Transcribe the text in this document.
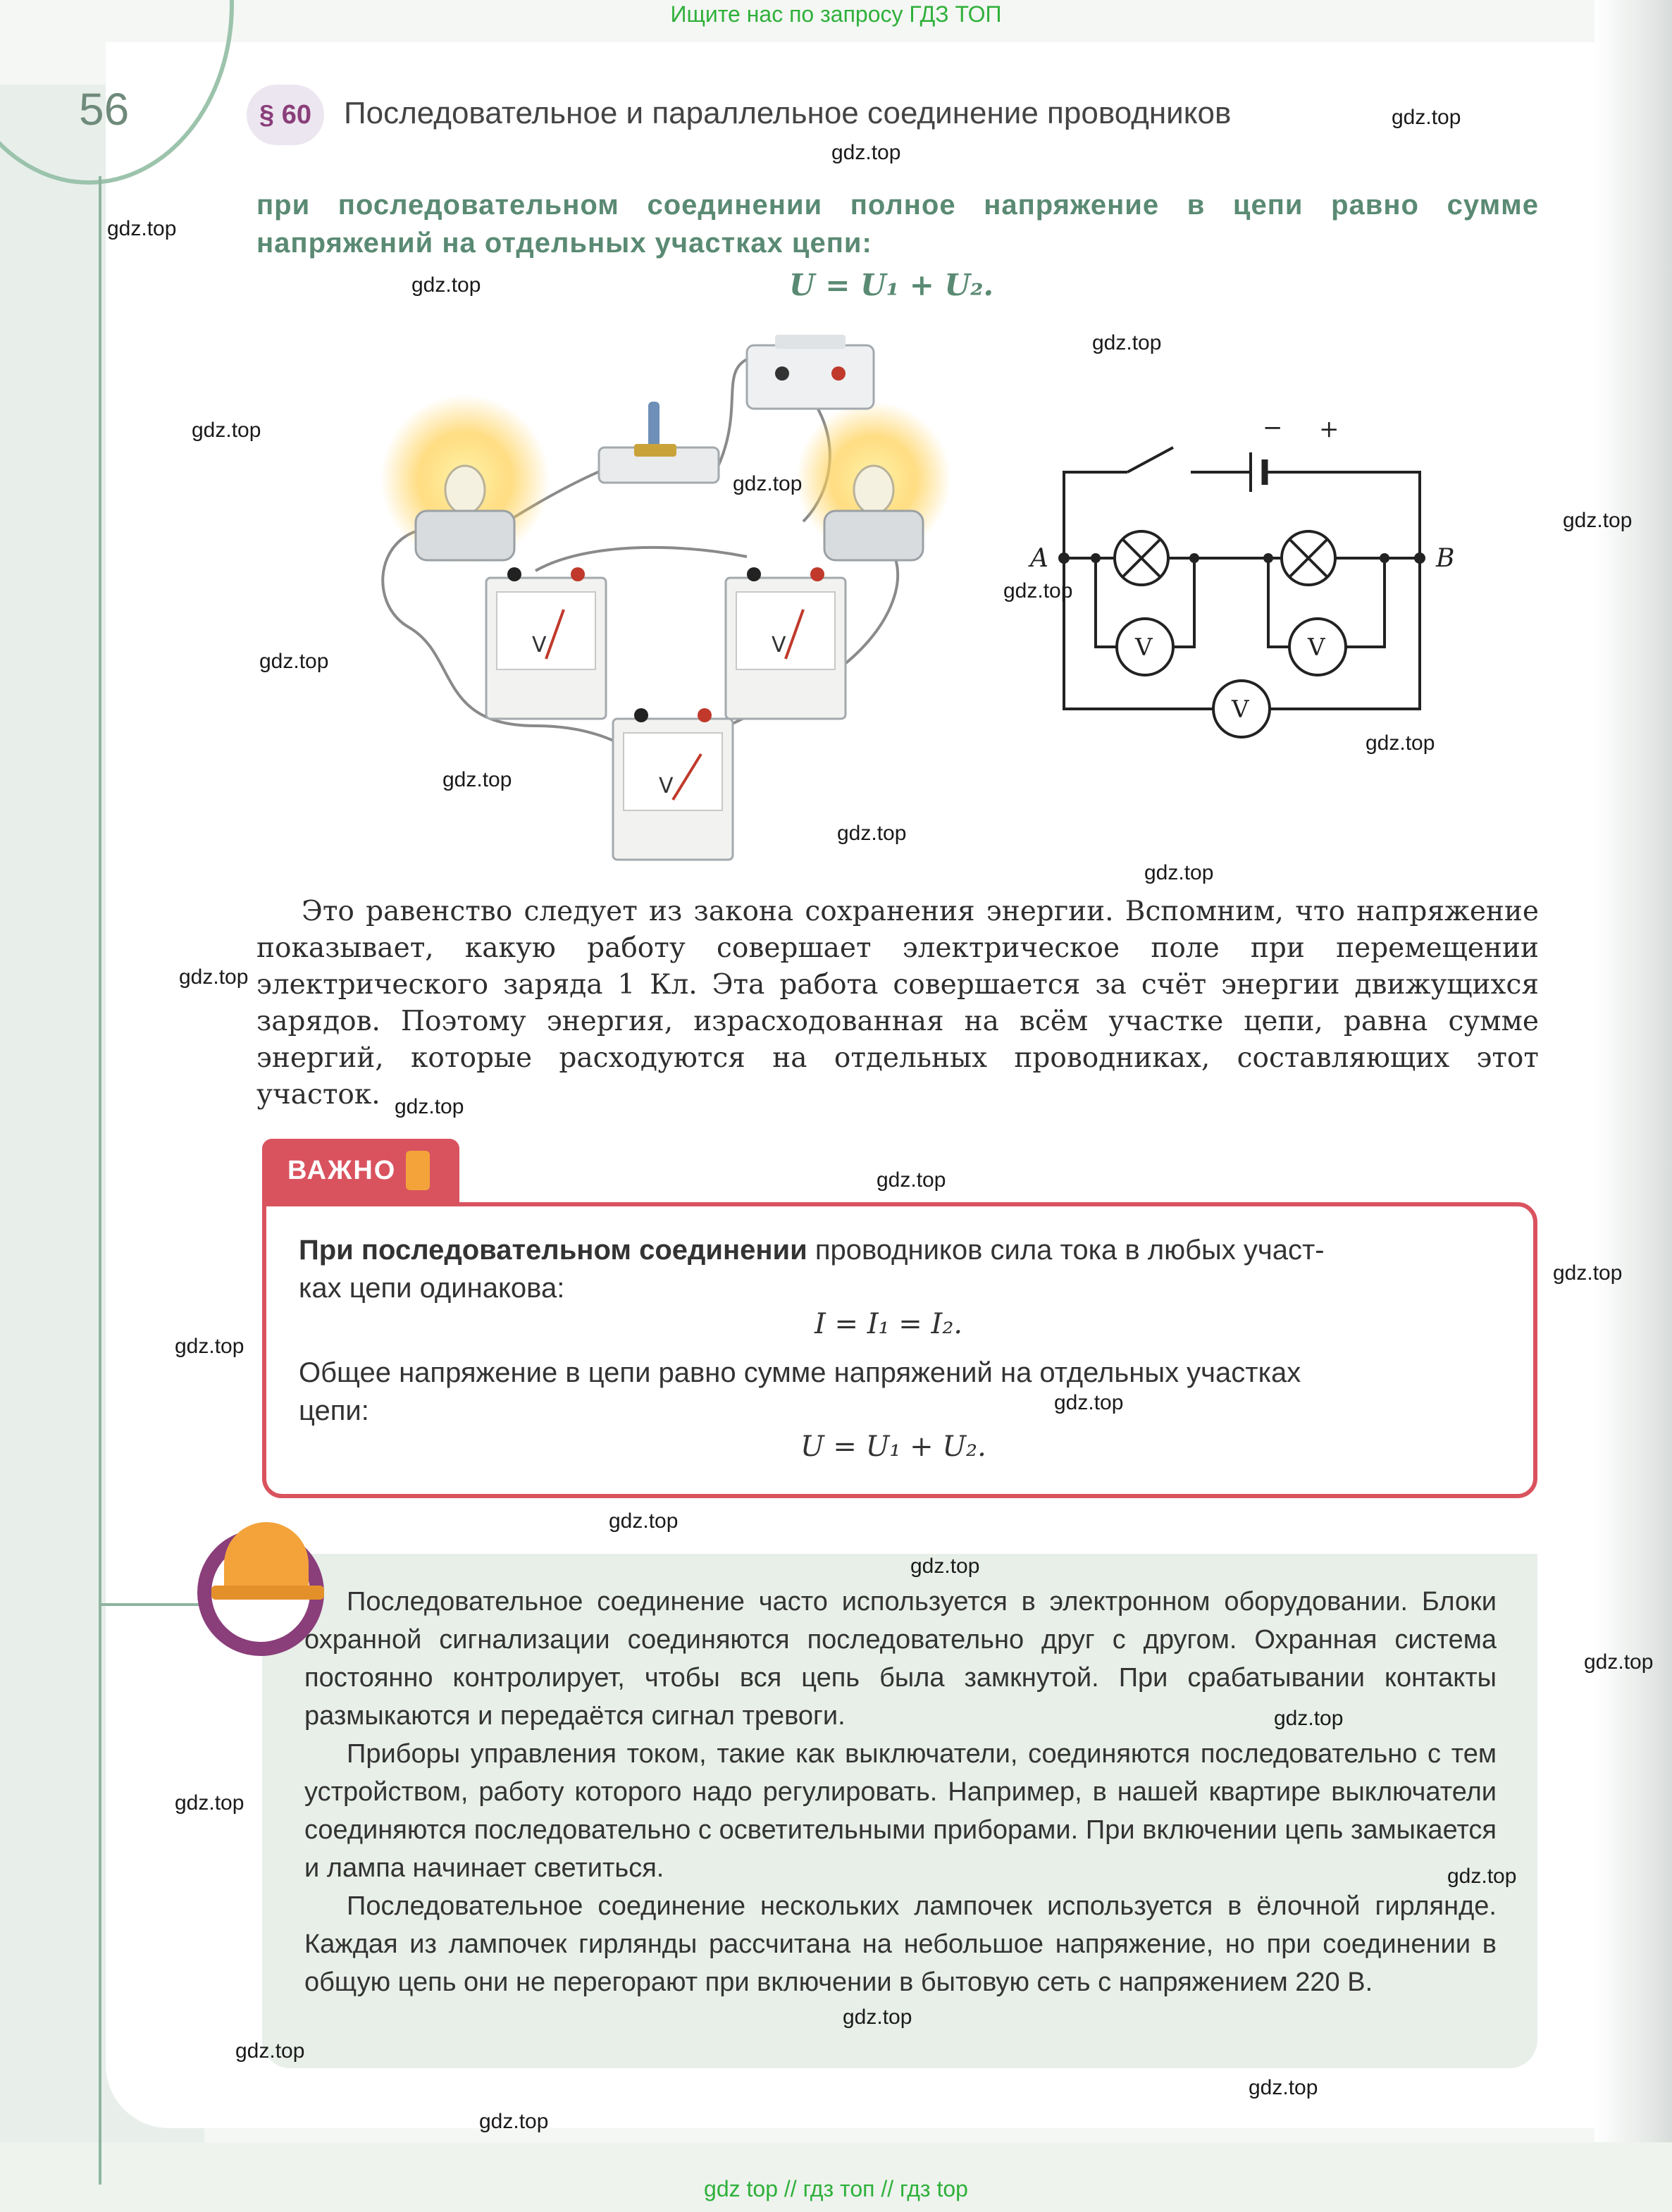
Ищите нас по запросу ГДЗ ТОП
56	§ 60	Последовательное и параллельное соединение проводников
при последовательном соединении полное напряжение в цепи равно сумме напряжений на отдельных участках цепи:
U = U₁ + U₂.
V	V
V
− +
A	B
V	V
V

Это равенство следует из закона сохранения энергии. Вспомним, что напряжение показывает, какую работу совершает электрическое поле при перемещении электрического заряда 1 Кл. Эта работа совершается за счёт энергии движущихся зарядов. Поэтому энергия, израсходованная на всём участке цепи, равна сумме энергий, которые расходуются на отдельных проводниках, составляющих этот участок.

ВАЖНО
При последовательном соединении проводников сила тока в любых участ-
ках цепи одинакова:
I = I₁ = I₂.
Общее напряжение в цепи равно сумме напряжений на отдельных участках
цепи:
U = U₁ + U₂.

Последовательное соединение часто используется в электронном оборудовании. Блоки охранной сигнализации соединяются последовательно друг с другом. Охранная система постоянно контролирует, чтобы вся цепь была замкнутой. При срабатывании контакты размыкаются и передаётся сигнал тревоги.

Приборы управления током, такие как выключатели, соединяются последовательно с тем устройством, работу которого надо регулировать. Например, в нашей квартире выключатели соединяются последовательно с осветительными приборами. При включении цепь замыкается и лампа начинает светиться.

Последовательное соединение нескольких лампочек используется в ёлочной гирлянде. Каждая из лампочек гирлянды рассчитана на небольшое напряжение, но при соединении в общую цепь они не перегорают при включении в бытовую сеть с напряжением 220 В.

gdz.top
gdz.top
gdz.top
gdz.top
gdz.top
gdz.top
gdz.top
gdz.top
gdz.top
gdz.top
gdz.top
gdz.top
gdz.top
gdz.top
gdz.top
gdz.top
gdz.top
gdz.top
gdz.top
gdz.top
gdz.top
gdz.top
gdz.top
gdz.top
gdz.top
gdz.top
gdz.top
gdz.top
gdz.top
gdz.top
gdz top // гдз топ // гдз top
